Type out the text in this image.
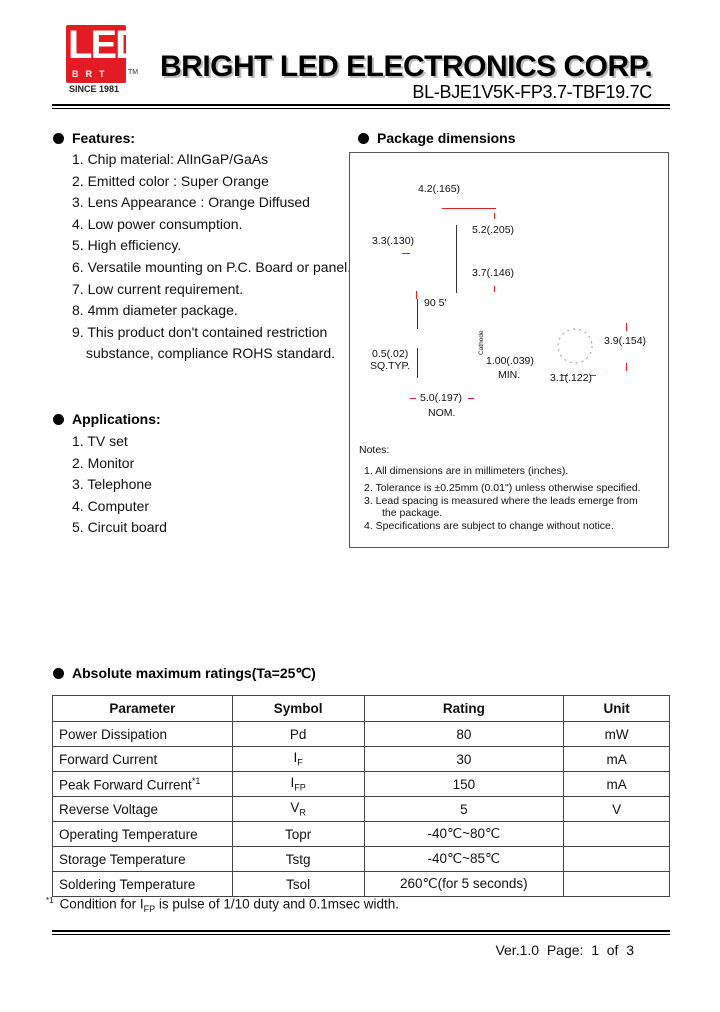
LED
BRT TM
SINCE 1981
BRIGHT LED ELECTRONICS CORP.
BL-BJE1V5K-FP3.7-TBF19.7C
Features:
1. Chip material: AlInGaP/GaAs
2. Emitted color : Super Orange
3. Lens Appearance : Orange Diffused
4. Low power consumption.
5. High efficiency.
6. Versatile mounting on P.C. Board or panel.
7. Low current requirement.
8. 4mm diameter package.
9. This product don't contained restriction
substance, compliance ROHS standard.
Applications:
1. TV set
2. Monitor
3. Telephone
4. Computer
5. Circuit board
Package dimensions
4.2(.165)
5.2(.205)
3.3(.130)
3.7(.146)
90 5'
0.5(.02)
SQ.TYP.
Cathode
1.00(.039)
MIN.
3.9(.154)
3.1(.122)
5.0(.197)
NOM.
Notes:
1. All dimensions are in millimeters (inches).
2. Tolerance is ±0.25mm (0.01") unless otherwise specified.
3. Lead spacing is measured where the leads emerge from
the package.
4. Specifications are subject to change without notice.
Absolute maximum ratings(Ta=25℃)
Parameter	Symbol	Rating	Unit
Power Dissipation	Pd	80	mW
Forward Current	$I_F$	30	mA
Peak Forward Current$^{*1}$	$I_{FP}$	150	mA
Reverse Voltage	$V_R$	5	V
Operating Temperature	Topr	-40℃~80℃	
Storage Temperature	Tstg	-40℃~85℃	
Soldering Temperature	Tsol	260℃(for 5 seconds)	
$^{*1}$ Condition for $I_{FP}$ is pulse of 1/10 duty and 0.1msec width.
Ver.1.0  Page:  1  of  3
